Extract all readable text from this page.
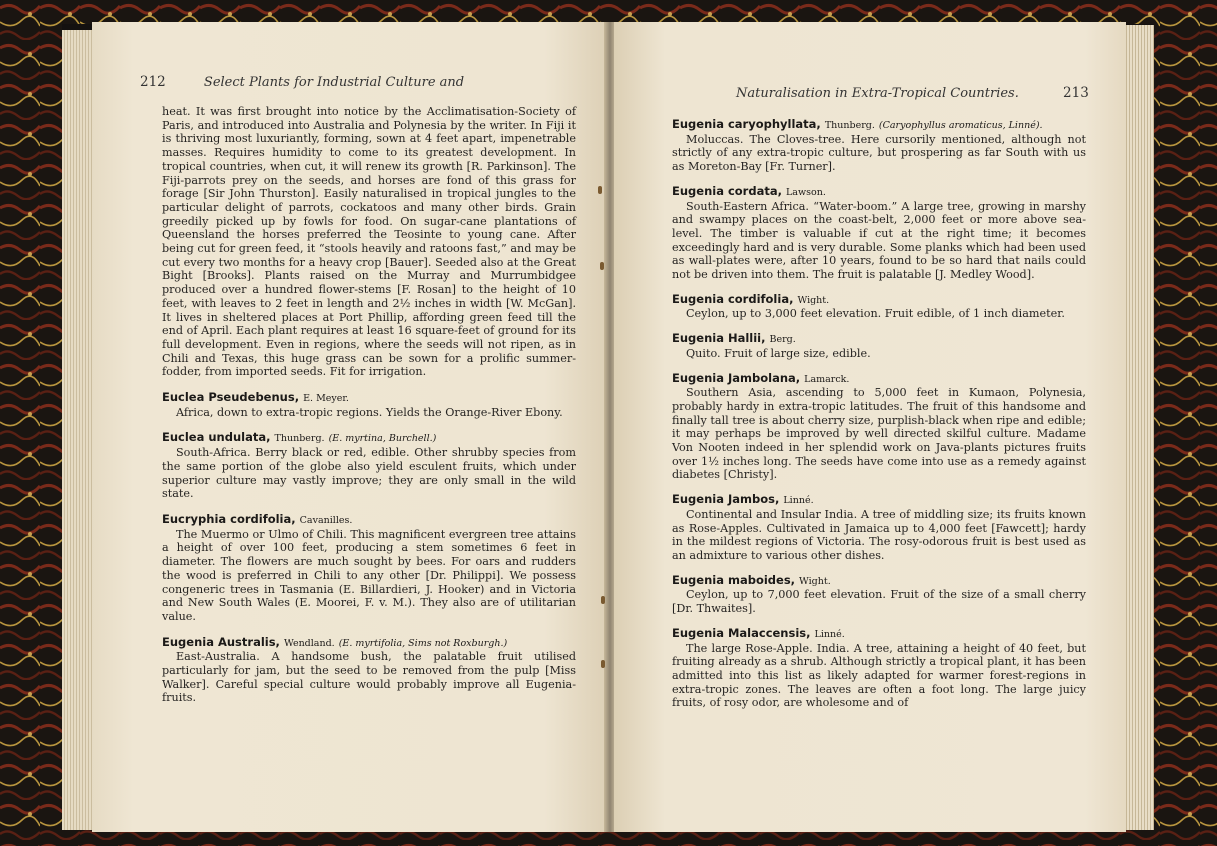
212	Select Plants for Industrial Culture and

heat. It was first brought into notice by the Acclimatisation-Society of Paris, and introduced into Australia and Polynesia by the writer. In Fiji it is thriving most luxuriantly, forming, sown at 4 feet apart, impenetrable masses. Requires humidity to come to its greatest development. In tropical countries, when cut, it will renew its growth [R. Parkinson]. The Fiji-parrots prey on the seeds, and horses are fond of this grass for forage [Sir John Thurston]. Easily naturalised in tropical jungles to the particular delight of parrots, cockatoos and many other birds. Grain greedily picked up by fowls for food. On sugar-cane plantations of Queensland the horses preferred the Teosinte to young cane. After being cut for green feed, it “stools heavily and ratoons fast,” and may be cut every two months for a heavy crop [Bauer]. Seeded also at the Great Bight [Brooks]. Plants raised on the Murray and Murrumbidgee produced over a hundred flower-stems [F. Rosan] to the height of 10 feet, with leaves to 2 feet in length and 2½ inches in width [W. McGan]. It lives in sheltered places at Port Phillip, affording green feed till the end of April. Each plant requires at least 16 square-feet of ground for its full development. Even in regions, where the seeds will not ripen, as in Chili and Texas, this huge grass can be sown for a prolific summer-fodder, from imported seeds. Fit for irrigation.

Euclea Pseudebenus, E. Meyer.

Africa, down to extra-tropic regions. Yields the Orange-River Ebony.

Euclea undulata, Thunberg. (E. myrtina, Burchell.)

South-Africa. Berry black or red, edible. Other shrubby species from the same portion of the globe also yield esculent fruits, which under superior culture may vastly improve; they are only small in the wild state.

Eucryphia cordifolia, Cavanilles.

The Muermo or Ulmo of Chili. This magnificent evergreen tree attains a height of over 100 feet, producing a stem sometimes 6 feet in diameter. The flowers are much sought by bees. For oars and rudders the wood is preferred in Chili to any other [Dr. Philippi]. We possess congeneric trees in Tasmania (E. Billardieri, J. Hooker) and in Victoria and New South Wales (E. Moorei, F. v. M.). They also are of utilitarian value.

Eugenia Australis, Wendland. (E. myrtifolia, Sims not Roxburgh.)

East-Australia. A handsome bush, the palatable fruit utilised particularly for jam, but the seed to be removed from the pulp [Miss Walker]. Careful special culture would probably improve all Eugenia-fruits.

Naturalisation in Extra-Tropical Countries.	213

Eugenia caryophyllata, Thunberg. (Caryophyllus aromaticus, Linné).

Moluccas. The Cloves-tree. Here cursorily mentioned, although not strictly of any extra-tropic culture, but prospering as far South with us as Moreton-Bay [Fr. Turner].

Eugenia cordata, Lawson.

South-Eastern Africa. “Water-boom.” A large tree, growing in marshy and swampy places on the coast-belt, 2,000 feet or more above sea-level. The timber is valuable if cut at the right time; it becomes exceedingly hard and is very durable. Some planks which had been used as wall-plates were, after 10 years, found to be so hard that nails could not be driven into them. The fruit is palatable [J. Medley Wood].

Eugenia cordifolia, Wight.

Ceylon, up to 3,000 feet elevation. Fruit edible, of 1 inch diameter.

Eugenia Hallii, Berg.

Quito. Fruit of large size, edible.

Eugenia Jambolana, Lamarck.

Southern Asia, ascending to 5,000 feet in Kumaon, Polynesia, probably hardy in extra-tropic latitudes. The fruit of this handsome and finally tall tree is about cherry size, purplish-black when ripe and edible; it may perhaps be improved by well directed skilful culture. Madame Von Nooten indeed in her splendid work on Java-plants pictures fruits over 1½ inches long. The seeds have come into use as a remedy against diabetes [Christy].

Eugenia Jambos, Linné.

Continental and Insular India. A tree of middling size; its fruits known as Rose-Apples. Cultivated in Jamaica up to 4,000 feet [Fawcett]; hardy in the mildest regions of Victoria. The rosy-odorous fruit is best used as an admixture to various other dishes.

Eugenia maboides, Wight.

Ceylon, up to 7,000 feet elevation. Fruit of the size of a small cherry [Dr. Thwaites].

Eugenia Malaccensis, Linné.

The large Rose-Apple. India. A tree, attaining a height of 40 feet, but fruiting already as a shrub. Although strictly a tropical plant, it has been admitted into this list as likely adapted for warmer forest-regions in extra-tropic zones. The leaves are often a foot long. The large juicy fruits, of rosy odor, are wholesome and of
